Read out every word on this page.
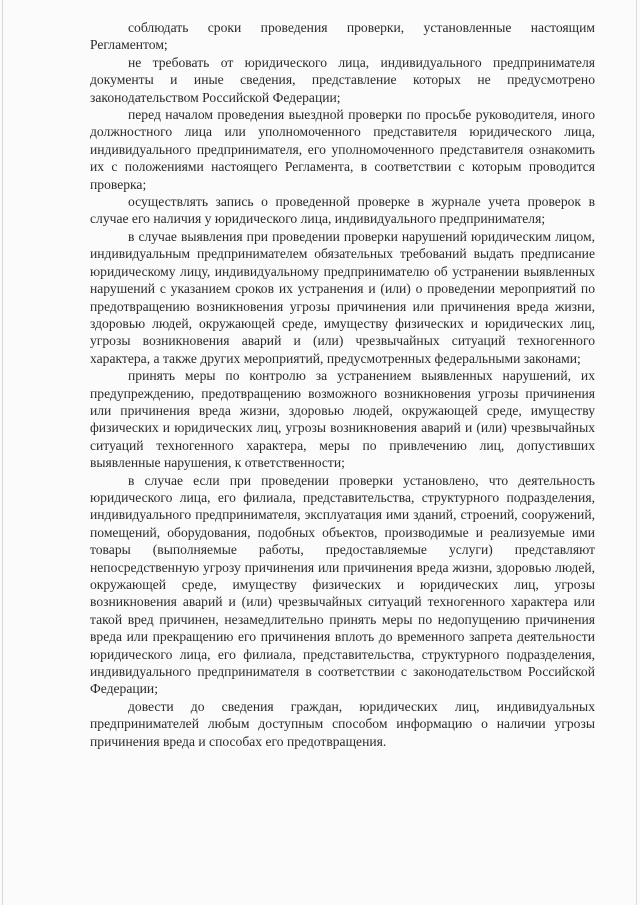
соблюдать сроки проведения проверки, установленные настоящим Регламентом;

не требовать от юридического лица, индивидуального предпринимателя документы и иные сведения, представление которых не предусмотрено законодательством Российской Федерации;

перед началом проведения выездной проверки по просьбе руководителя, иного должностного лица или уполномоченного представителя юридического лица, индивидуального предпринимателя, его уполномоченного представителя ознакомить их с положениями настоящего Регламента, в соответствии с которым проводится проверка;

осуществлять запись о проведенной проверке в журнале учета проверок в случае его наличия у юридического лица, индивидуального предпринимателя;

в случае выявления при проведении проверки нарушений юридическим лицом, индивидуальным предпринимателем обязательных требований выдать предписание юридическому лицу, индивидуальному предпринимателю об устранении выявленных нарушений с указанием сроков их устранения и (или) о проведении мероприятий по предотвращению возникновения угрозы причинения или причинения вреда жизни, здоровью людей, окружающей среде, имуществу физических и юридических лиц, угрозы возникновения аварий и (или) чрезвычайных ситуаций техногенного характера, а также других мероприятий, предусмотренных федеральными законами;

принять меры по контролю за устранением выявленных нарушений, их предупреждению, предотвращению возможного возникновения угрозы причинения или причинения вреда жизни, здоровью людей, окружающей среде, имуществу физических и юридических лиц, угрозы возникновения аварий и (или) чрезвычайных ситуаций техногенного характера, меры по привлечению лиц, допустивших выявленные нарушения, к ответственности;

в случае если при проведении проверки установлено, что деятельность юридического лица, его филиала, представительства, структурного подразделения, индивидуального предпринимателя, эксплуатация ими зданий, строений, сооружений, помещений, оборудования, подобных объектов, производимые и реализуемые ими товары (выполняемые работы, предоставляемые услуги) представляют непосредственную угрозу причинения или причинения вреда жизни, здоровью людей, окружающей среде, имуществу физических и юридических лиц, угрозы возникновения аварий и (или) чрезвычайных ситуаций техногенного характера или такой вред причинен, незамедлительно принять меры по недопущению причинения вреда или прекращению его причинения вплоть до временного запрета деятельности юридического лица, его филиала, представительства, структурного подразделения, индивидуального предпринимателя в соответствии с законодательством Российской Федерации;

довести до сведения граждан, юридических лиц, индивидуальных предпринимателей любым доступным способом информацию о наличии угрозы причинения вреда и способах его предотвращения.
